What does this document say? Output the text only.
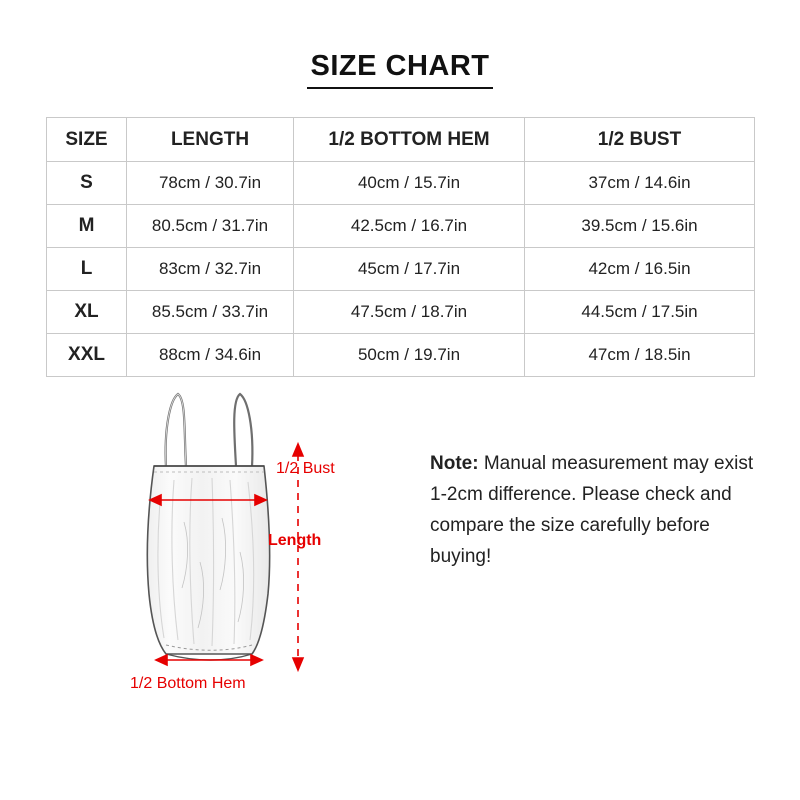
SIZE CHART
SIZE	LENGTH	1/2 BOTTOM HEM	1/2 BUST
S	78cm / 30.7in	40cm / 15.7in	37cm / 14.6in
M	80.5cm / 31.7in	42.5cm / 16.7in	39.5cm / 15.6in
L	83cm / 32.7in	45cm / 17.7in	42cm / 16.5in
XL	85.5cm / 33.7in	47.5cm / 18.7in	44.5cm / 17.5in
XXL	88cm / 34.6in	50cm / 19.7in	47cm / 18.5in
1/2 Bust
Length
1/2 Bottom Hem
Note: Manual measurement may exist 1-2cm difference. Please check and compare the size carefully before buying!
